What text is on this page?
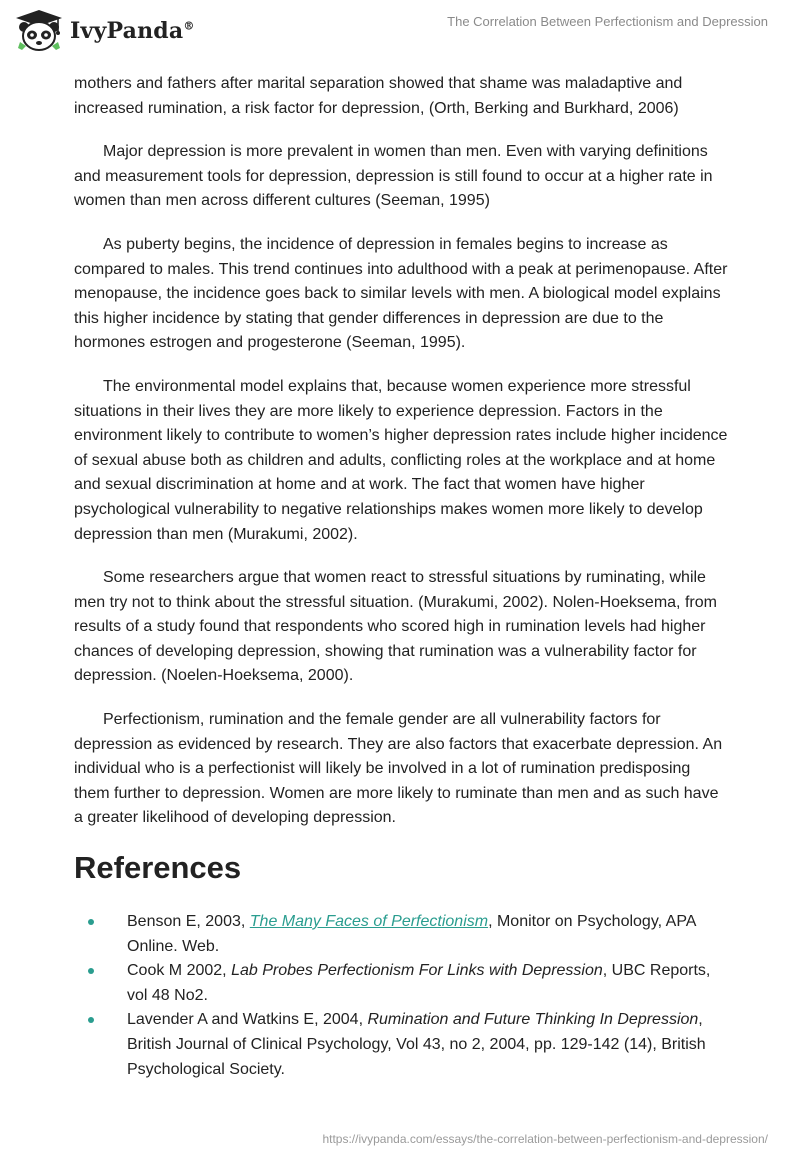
IvyPanda®	The Correlation Between Perfectionism and Depression

mothers and fathers after marital separation showed that shame was maladaptive and increased rumination, a risk factor for depression, (Orth, Berking and Burkhard, 2006)

Major depression is more prevalent in women than men. Even with varying definitions and measurement tools for depression, depression is still found to occur at a higher rate in women than men across different cultures (Seeman, 1995)

As puberty begins, the incidence of depression in females begins to increase as compared to males. This trend continues into adulthood with a peak at perimenopause. After menopause, the incidence goes back to similar levels with men. A biological model explains this higher incidence by stating that gender differences in depression are due to the hormones estrogen and progesterone (Seeman, 1995).

The environmental model explains that, because women experience more stressful situations in their lives they are more likely to experience depression. Factors in the environment likely to contribute to women’s higher depression rates include higher incidence of sexual abuse both as children and adults, conflicting roles at the workplace and at home and sexual discrimination at home and at work. The fact that women have higher psychological vulnerability to negative relationships makes women more likely to develop depression than men (Murakumi, 2002).

Some researchers argue that women react to stressful situations by ruminating, while men try not to think about the stressful situation. (Murakumi, 2002). Nolen-Hoeksema, from results of a study found that respondents who scored high in rumination levels had higher chances of developing depression, showing that rumination was a vulnerability factor for depression. (Noelen-Hoeksema, 2000).

Perfectionism, rumination and the female gender are all vulnerability factors for depression as evidenced by research. They are also factors that exacerbate depression. An individual who is a perfectionist will likely be involved in a lot of rumination predisposing them further to depression. Women are more likely to ruminate than men and as such have a greater likelihood of developing depression.

References
Benson E, 2003, The Many Faces of Perfectionism, Monitor on Psychology, APA Online. Web.
Cook M 2002, Lab Probes Perfectionism For Links with Depression, UBC Reports, vol 48 No2.
Lavender A and Watkins E, 2004, Rumination and Future Thinking In Depression, British Journal of Clinical Psychology, Vol 43, no 2, 2004, pp. 129-142 (14), British Psychological Society.
https://ivypanda.com/essays/the-correlation-between-perfectionism-and-depression/
